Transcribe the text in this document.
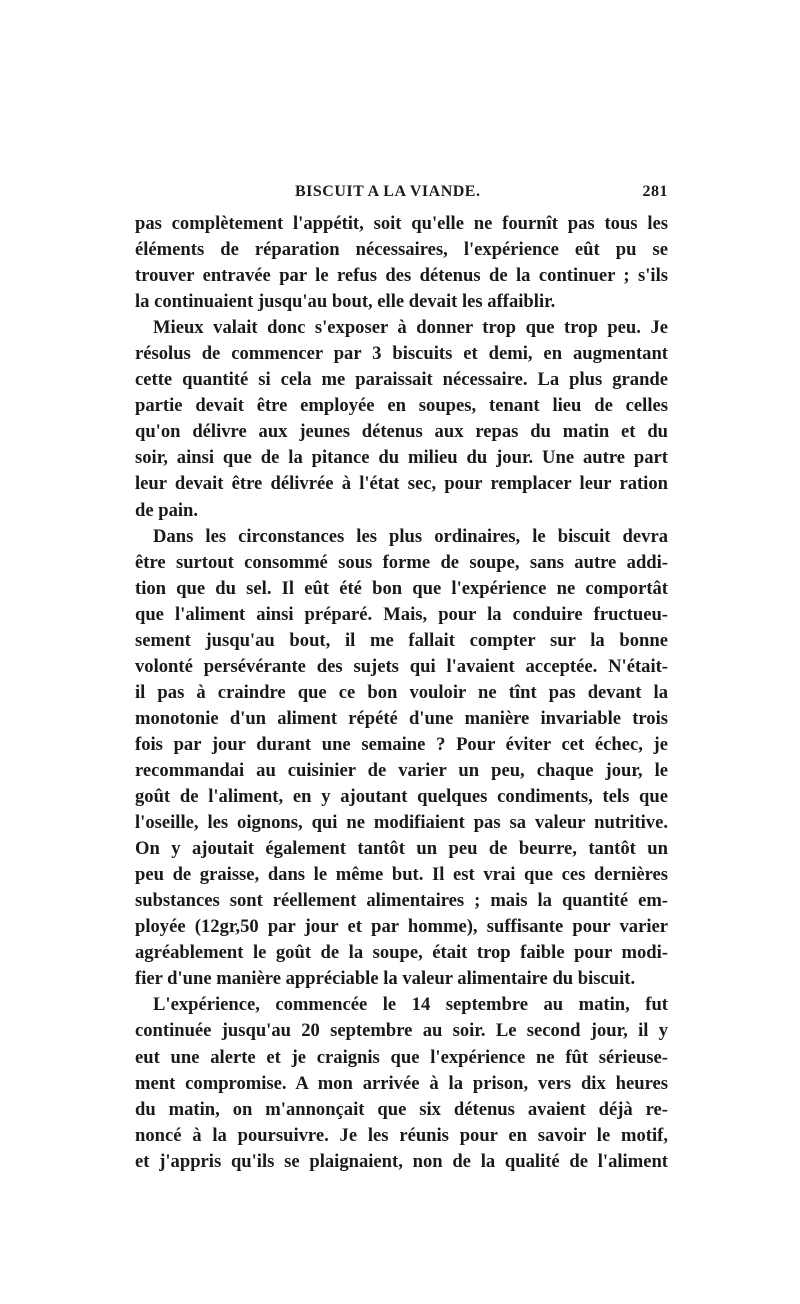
BISCUIT A LA VIANDE.	281
pas complètement l'appétit, soit qu'elle ne fournît pas tous les
éléments de réparation nécessaires, l'expérience eût pu se
trouver entravée par le refus des détenus de la continuer ; s'ils
la continuaient jusqu'au bout, elle devait les affaiblir.
Mieux valait donc s'exposer à donner trop que trop peu. Je
résolus de commencer par 3 biscuits et demi, en augmentant
cette quantité si cela me paraissait nécessaire. La plus grande
partie devait être employée en soupes, tenant lieu de celles
qu'on délivre aux jeunes détenus aux repas du matin et du
soir, ainsi que de la pitance du milieu du jour. Une autre part
leur devait être délivrée à l'état sec, pour remplacer leur ration
de pain.
Dans les circonstances les plus ordinaires, le biscuit devra
être surtout consommé sous forme de soupe, sans autre addi-
tion que du sel. Il eût été bon que l'expérience ne comportât
que l'aliment ainsi préparé. Mais, pour la conduire fructueu-
sement jusqu'au bout, il me fallait compter sur la bonne
volonté persévérante des sujets qui l'avaient acceptée. N'était-
il pas à craindre que ce bon vouloir ne tînt pas devant la
monotonie d'un aliment répété d'une manière invariable trois
fois par jour durant une semaine ? Pour éviter cet échec, je
recommandai au cuisinier de varier un peu, chaque jour, le
goût de l'aliment, en y ajoutant quelques condiments, tels que
l'oseille, les oignons, qui ne modifiaient pas sa valeur nutritive.
On y ajoutait également tantôt un peu de beurre, tantôt un
peu de graisse, dans le même but. Il est vrai que ces dernières
substances sont réellement alimentaires ; mais la quantité em-
ployée (12gr,50 par jour et par homme), suffisante pour varier
agréablement le goût de la soupe, était trop faible pour modi-
fier d'une manière appréciable la valeur alimentaire du biscuit.
L'expérience, commencée le 14 septembre au matin, fut
continuée jusqu'au 20 septembre au soir. Le second jour, il y
eut une alerte et je craignis que l'expérience ne fût sérieuse-
ment compromise. A mon arrivée à la prison, vers dix heures
du matin, on m'annonçait que six détenus avaient déjà re-
noncé à la poursuivre. Je les réunis pour en savoir le motif,
et j'appris qu'ils se plaignaient, non de la qualité de l'aliment
